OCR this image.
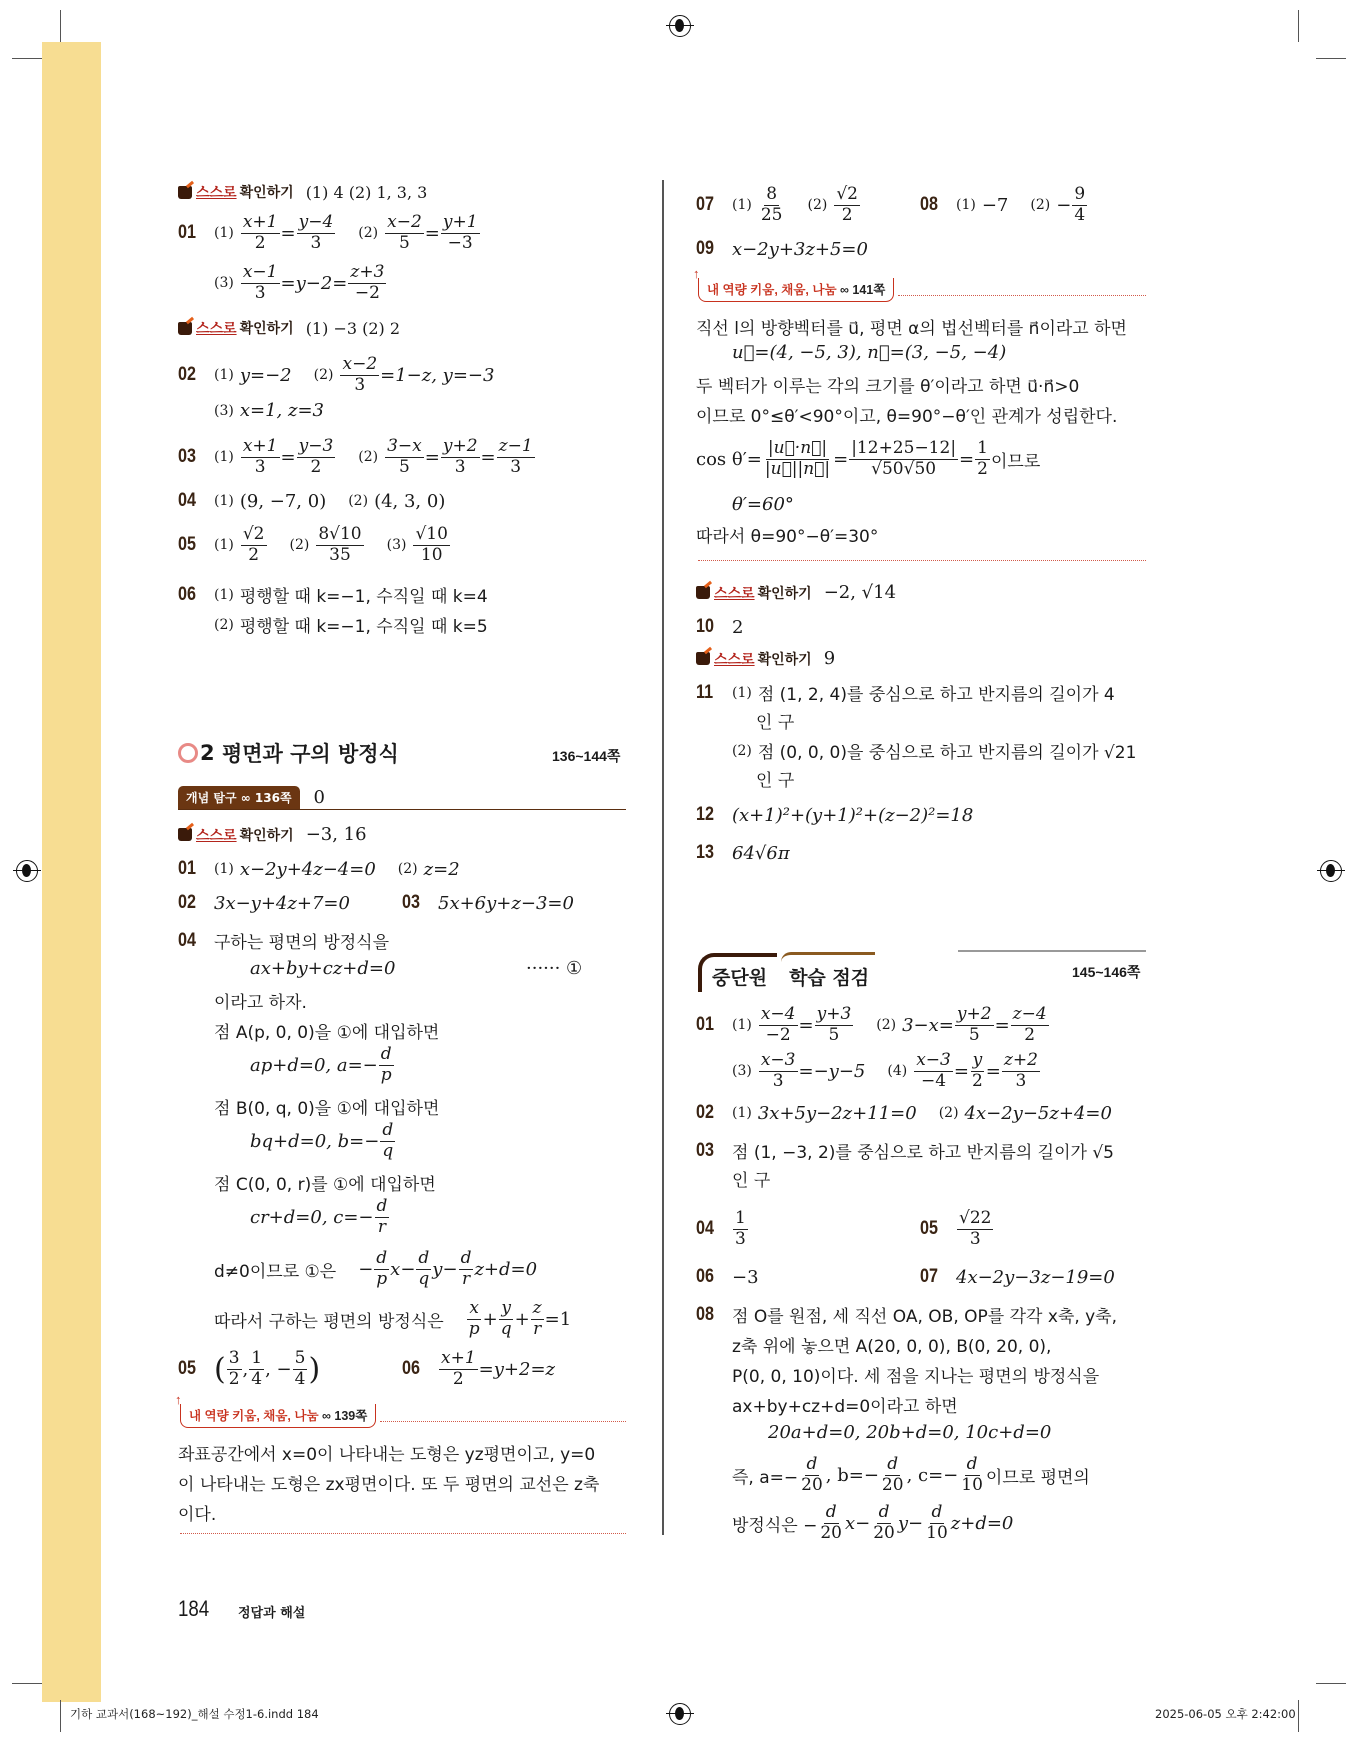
스스로 확인하기 (1) 4 (2) 1, 3, 3
01	$(1) \frac{x+1}{2} = \frac{y-4}{3} (2) \frac{x-2}{5} = \frac{y+1}{-3}$
$(3) \frac{x-1}{3} =y-2= \frac{z+3}{-2}$
스스로 확인하기 (1) −3 (2) 2
02	(1) y=−2 $(2) \frac{x-2}{3} =1-z$, y=−3
(3) x=1, z=3
03	$(1) \frac{x+1}{3} = \frac{y-3}{2} (2) \frac{3-x}{5} = \frac{y+2}{3} = \frac{z-1}{3}$
04	(1) (9, −7, 0) (2) (4, 3, 0)
05	$(1) \frac{√2}{2} (2) \frac{8√10}{35} (3) \frac{√10}{10}$
06	(1) 평행할 때 k=−1, 수직일 때 k=4
(2) 평행할 때 k=−1, 수직일 때 k=5
2
평면과 구의 방정식	136~144쪽
개념 탐구 ∞ 136쪽	0
스스로 확인하기 −3, 16
01	(1) x−2y+4z−4=0 (2) z=2
02	3x−y+4z+7=0	03	5x+6y+z−3=0
04	구하는 평면의 방정식을
ax+by+cz+d=0	······ ①
이라고 하자.
점 A(p, 0, 0)을 ①에 대입하면
ap+d=0, $a=- \frac{d}{p}$
점 B(0, q, 0)을 ①에 대입하면
bq+d=0, $b=- \frac{d}{q}$
점 C(0, 0, r)를 ①에 대입하면
cr+d=0, $c=- \frac{d}{r}$
d≠0이므로 ①은 − $\frac{d}{p} x- \frac{d}{q} y- \frac{d}{r} z+d=0$
따라서 구하는 평면의 방정식은 $\frac{x}{p} + \frac{y}{q} + \frac{z}{r} =1$
05 ( $\frac{3}{2}$ , $\frac{1}{4}$ , − $\frac{5}{4}$ )	06	$\frac{x+1}{2} =y+2=z$
↑ 내 역량 키움, 채움, 나눔 ∞ 139쪽
좌표공간에서 x=0이 나타내는 도형은 yz평면이고, y=0
이 나타내는 도형은 zx평면이다. 또 두 평면의 교선은 z축
이다.
07	$(1) \frac{8}{25} (2) \frac{√2}{2}$	08	(1) −7 $(2) - \frac{9}{4}$
09	x−2y+3z+5=0
↑ 내 역량 키움, 채움, 나눔 ∞ 141쪽
직선 l의 방향벡터를 u⃗, 평면 α의 법선벡터를 n⃗이라고 하면
u⃗=(4, −5, 3), n⃗=(3, −5, −4)
두 벡터가 이루는 각의 크기를 θ′이라고 하면 u⃗·n⃗>0
이므로 0°≤θ′<90°이고, θ=90°−θ′인 관계가 성립한다.
$\cos \theta'= \frac{|u⃗\cdot n⃗|}{|u⃗||n⃗|} = \frac{|12+25-12|}{√50√50} = \frac{1}{2}$ 이므로
θ′=60°
따라서 θ=90°−θ′=30°
스스로 확인하기 −2, √14
10	2
스스로 확인하기 9
11	(1) 점 (1, 2, 4)를 중심으로 하고 반지름의 길이가 4
인 구
(2) 점 (0, 0, 0)을 중심으로 하고 반지름의 길이가 √21
인 구
12	(x+1)²+(y+1)²+(z−2)²=18
13	64√6π
중단원	학습 점검	145~146쪽
01	$(1) \frac{x-4}{-2} = \frac{y+3}{5} (2)$ $3-x= \frac{y+2}{5} = \frac{z-4}{2}$
$(3) \frac{x-3}{3} =-y-5$ $(4) \frac{x-3}{-4} = \frac{y}{2} = \frac{z+2}{3}$
02	(1) 3x+5y−2z+11=0 (2) 4x−2y−5z+4=0
03	점 (1, −3, 2)를 중심으로 하고 반지름의 길이가 √5
인 구
04	$\frac{1}{3}$	05	$\frac{√22}{3}$
06	−3	07	4x−2y−3z−19=0
08	점 O를 원점, 세 직선 OA, OB, OP를 각각 x축, y축,
z축 위에 놓으면 A(20, 0, 0), B(0, 20, 0),
P(0, 0, 10)이다. 세 점을 지나는 평면의 방정식을
ax+by+cz+d=0이라고 하면
20a+d=0, 20b+d=0, 10c+d=0
즉, $a=- \frac{d}{20}$ , $b=- \frac{d}{20}$ , $c=- \frac{d}{10}$ 이므로 평면의
방정식은 − $\frac{d}{20} x- \frac{d}{20} y- \frac{d}{10} z+d=0$
184 정답과 해설
기하 교과서(168~192)_해설 수정1-6.indd 184	2025-06-05 오후 2:42:00
